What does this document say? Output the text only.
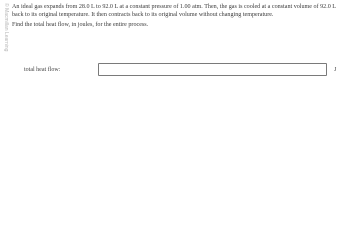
© Macmillan Learning An ideal gas expands from 28.0 L to 92.0 L at a constant pressure of 1.00 atm. Then, the gas is cooled at a constant volume of 92.0 L back to its original temperature. It then contracts back to its original volume without changing temperature.

Find the total heat flow, in joules, for the entire process.

total heat flow:	J
